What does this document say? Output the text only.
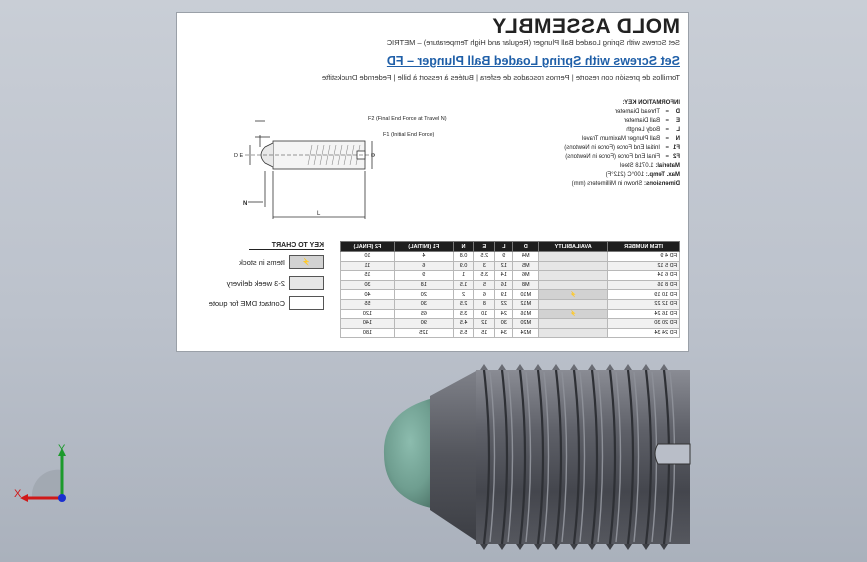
MOLD ASSEMBLY
Set Screws with Spring Loaded Ball Plunger (Regular and High Temperature) – METRIC
Set Screws with Spring Loaded Ball Plunger – FD
Tornillos de presión con resorte | Pernos roscados de esfera | Butées à ressort à bille | Federnde Druckstifte
INFORMATION KEY:
D=Thread Diameter
E=Ball Diameter
L=Body Length
N=Ball Plunger Maximum Travel
F1=Initial End Force (Force in Newtons)
F2=Final End Force (Force in Newtons)
Material: 1.0718 Steel
Max. Temp.: 100°C (212°F)
Dimensions: Shown in Millimeters (mm)
F2 (Final End Force at Travel N)
F1 (Initial End Force)
D
D E
N
L
ITEM NUMBER	AVAILABILITY	D	L	E	N	F1 (INITIAL)	F2 (FINAL)
FD 4 9		M4	9	2.5	0.8	4	10
FD 5 12		M5	12	3	0.9	6	11
FD 6 14		M6	14	3.5	1	9	15
FD 8 16		M8	16	5	1.5	18	30
FD 10 19	⚡	M10	19	6	2	20	40
FD 12 22		M12	22	8	2.5	30	55
FD 16 24	⚡	M16	24	10	3.5	65	120
FD 20 30		M20	30	12	4.5	90	140
FD 24 34		M24	34	15	5.5	125	180
KEY TO CHART
⚡
Items in stock
2-3 week delivery
Contact DME for quote
Y
X
